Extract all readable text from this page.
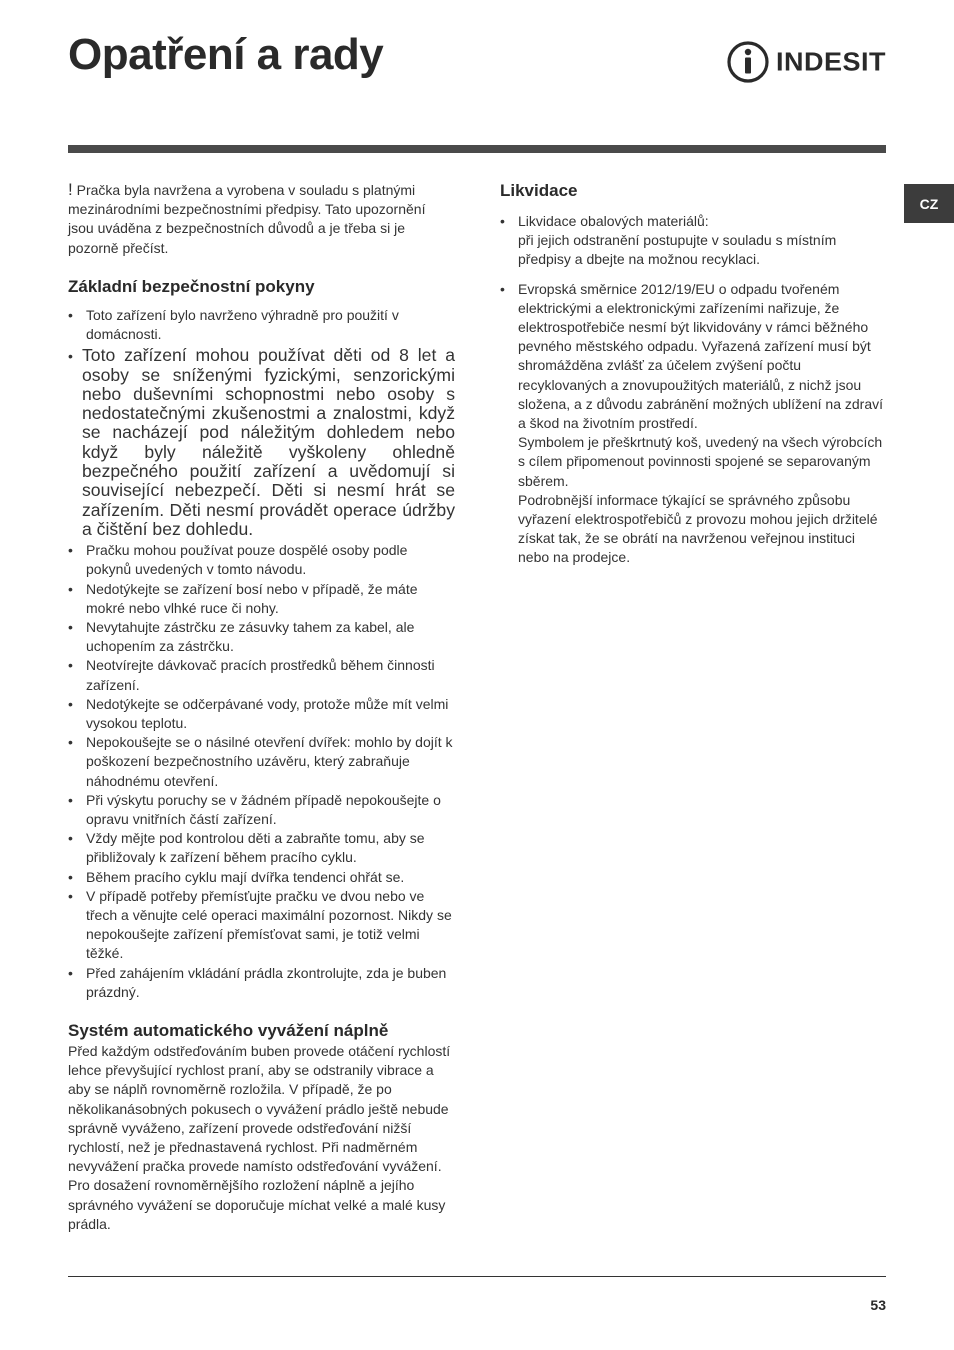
Opatření a rady	INDESIT
CZ

! Pračka byla navržena a vyrobena v souladu s platnými mezinárodními bezpečnostními předpisy. Tato upozornění jsou uváděna z bezpečnostních důvodů a je třeba si je pozorně přečíst.

Základní bezpečnostní pokyny
• Toto zařízení bylo navrženo výhradně pro použití v domácnosti.
• Toto zařízení mohou používat děti od 8 let a osoby se sníženými fyzickými, senzorickými nebo duševními schopnostmi nebo osoby s nedostatečnými zkušenostmi a znalostmi, když se nacházejí pod náležitým dohledem nebo když byly náležitě vyškoleny ohledně bezpečného použití zařízení a uvědomují si související nebezpečí. Děti si nesmí hrát se zařízením. Děti nesmí provádět operace údržby a čištění bez dohledu.
• Pračku mohou používat pouze dospělé osoby podle pokynů uvedených v tomto návodu.
• Nedotýkejte se zařízení bosí nebo v případě, že máte mokré nebo vlhké ruce či nohy.
• Nevytahujte zástrčku ze zásuvky tahem za kabel, ale uchopením za zástrčku.
• Neotvírejte dávkovač pracích prostředků během činnosti zařízení.
• Nedotýkejte se odčerpávané vody, protože může mít velmi vysokou teplotu.
• Nepokoušejte se o násilné otevření dvířek: mohlo by dojít k poškození bezpečnostního uzávěru, který zabraňuje náhodnému otevření.
• Při výskytu poruchy se v žádném případě nepokoušejte o opravu vnitřních částí zařízení.
• Vždy mějte pod kontrolou děti a zabraňte tomu, aby se přibližovaly k zařízení během pracího cyklu.
• Během pracího cyklu mají dvířka tendenci ohřát se.
• V případě potřeby přemísťujte pračku ve dvou nebo ve třech a věnujte celé operaci maximální pozornost. Nikdy se nepokoušejte zařízení přemísťovat sami, je totiž velmi těžké.
• Před zahájením vkládání prádla zkontrolujte, zda je buben prázdný.
Systém automatického vyvážení náplně

Před každým odstřeďováním buben provede otáčení rychlostí lehce převyšující rychlost praní, aby se odstranily vibrace a aby se náplň rovnoměrně rozložila. V případě, že po několikanásobných pokusech o vyvážení prádlo ještě nebude správně vyváženo, zařízení provede odstřeďování nižší rychlostí, než je přednastavená rychlost. Při nadměrném nevyvážení pračka provede namísto odstřeďování vyvážení. Pro dosažení rovnoměrnějšího rozložení náplně a jejího správného vyvážení se doporučuje míchat velké a malé kusy prádla.

Likvidace

• Likvidace obalových materiálů:

při jejich odstranění postupujte v souladu s místním předpisy a dbejte na možnou recyklaci.

• Evropská směrnice 2012/19/EU o odpadu tvořeném elektrickými a elektronickými zařízeními nařizuje, že elektrospotřebiče nesmí být likvidovány v rámci běžného pevného městského odpadu. Vyřazená zařízení musí být shromážděna zvlášť za účelem zvýšení počtu recyklovaných a znovupoužitých materiálů, z nichž jsou složena, a z důvodu zabránění možných ublížení na zdraví a škod na životním prostředí.

Symbolem je přeškrtnutý koš, uvedený na všech výrobcích s cílem připomenout povinnosti spojené se separovaným sběrem.

Podrobnější informace týkající se správného způsobu vyřazení elektrospotřebičů z provozu mohou jejich držitelé získat tak, že se obrátí na navrženou veřejnou instituci nebo na prodejce.

53
